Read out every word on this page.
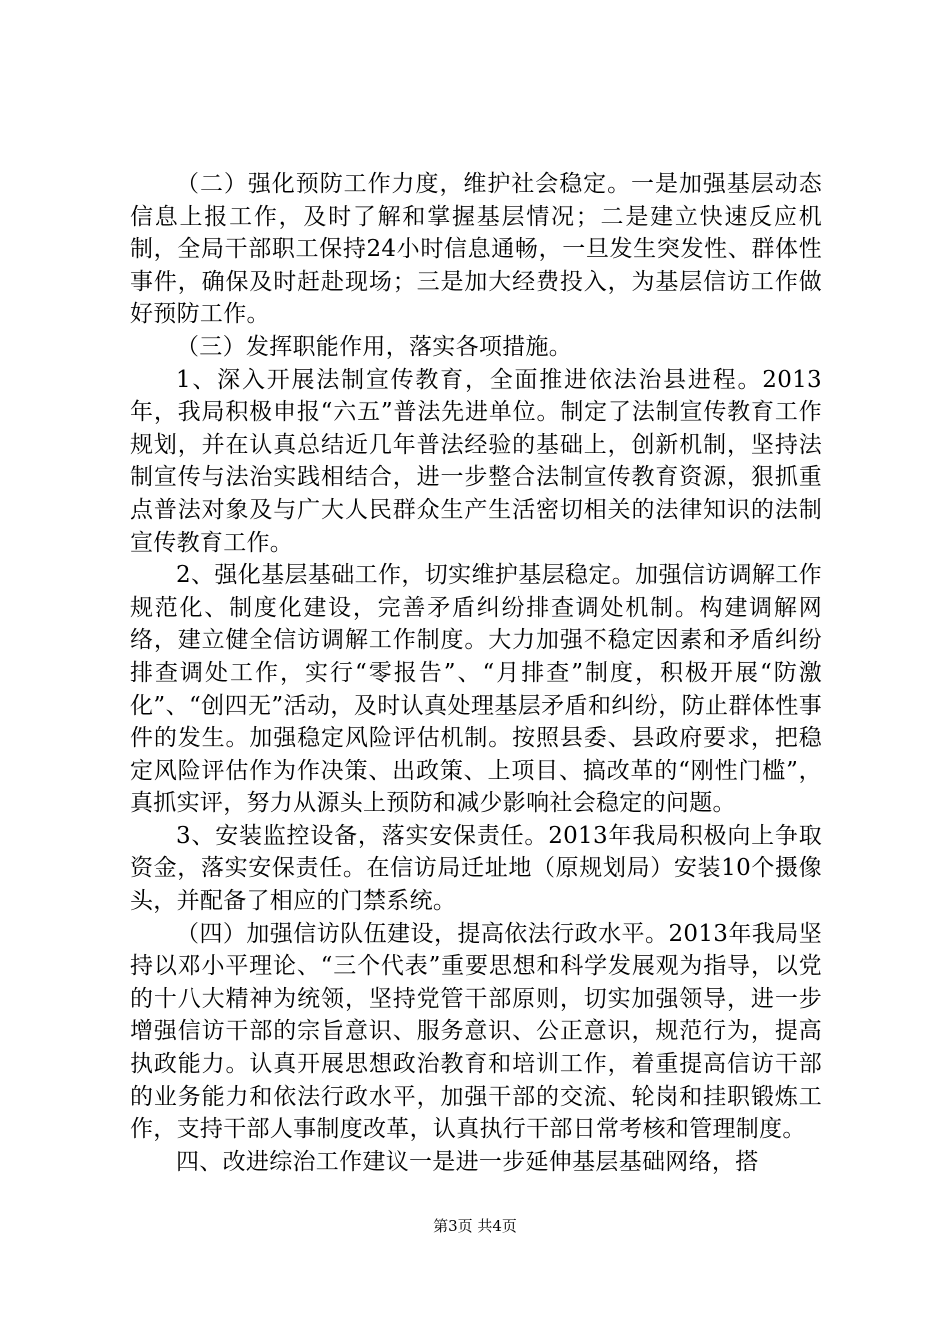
（二）强化预防工作力度，维护社会稳定。一是加强基层动态信息上报工作，及时了解和掌握基层情况；二是建立快速反应机制，全局干部职工保持24小时信息通畅，一旦发生突发性、群体性事件，确保及时赶赴现场；三是加大经费投入，为基层信访工作做好预防工作。

（三）发挥职能作用，落实各项措施。

1、深入开展法制宣传教育，全面推进依法治县进程。2013年，我局积极申报“六五”普法先进单位。制定了法制宣传教育工作规划，并在认真总结近几年普法经验的基础上，创新机制，坚持法制宣传与法治实践相结合，进一步整合法制宣传教育资源，狠抓重点普法对象及与广大人民群众生产生活密切相关的法律知识的法制宣传教育工作。

2、强化基层基础工作，切实维护基层稳定。加强信访调解工作规范化、制度化建设，完善矛盾纠纷排查调处机制。构建调解网络，建立健全信访调解工作制度。大力加强不稳定因素和矛盾纠纷排查调处工作，实行“零报告”、“月排查”制度，积极开展“防激化”、“创四无”活动，及时认真处理基层矛盾和纠纷，防止群体性事件的发生。加强稳定风险评估机制。按照县委、县政府要求，把稳定风险评估作为作决策、出政策、上项目、搞改革的“刚性门槛”，真抓实评，努力从源头上预防和减少影响社会稳定的问题。

3、安装监控设备，落实安保责任。2013年我局积极向上争取资金，落实安保责任。在信访局迁址地（原规划局）安装10个摄像头，并配备了相应的门禁系统。

（四）加强信访队伍建设，提高依法行政水平。2013年我局坚持以邓小平理论、“三个代表”重要思想和科学发展观为指导，以党的十八大精神为统领，坚持党管干部原则，切实加强领导，进一步增强信访干部的宗旨意识、服务意识、公正意识，规范行为，提高执政能力。认真开展思想政治教育和培训工作，着重提高信访干部的业务能力和依法行政水平，加强干部的交流、轮岗和挂职锻炼工作，支持干部人事制度改革，认真执行干部日常考核和管理制度。

四、改进综治工作建议一是进一步延伸基层基础网络，搭

第3页 共4页
